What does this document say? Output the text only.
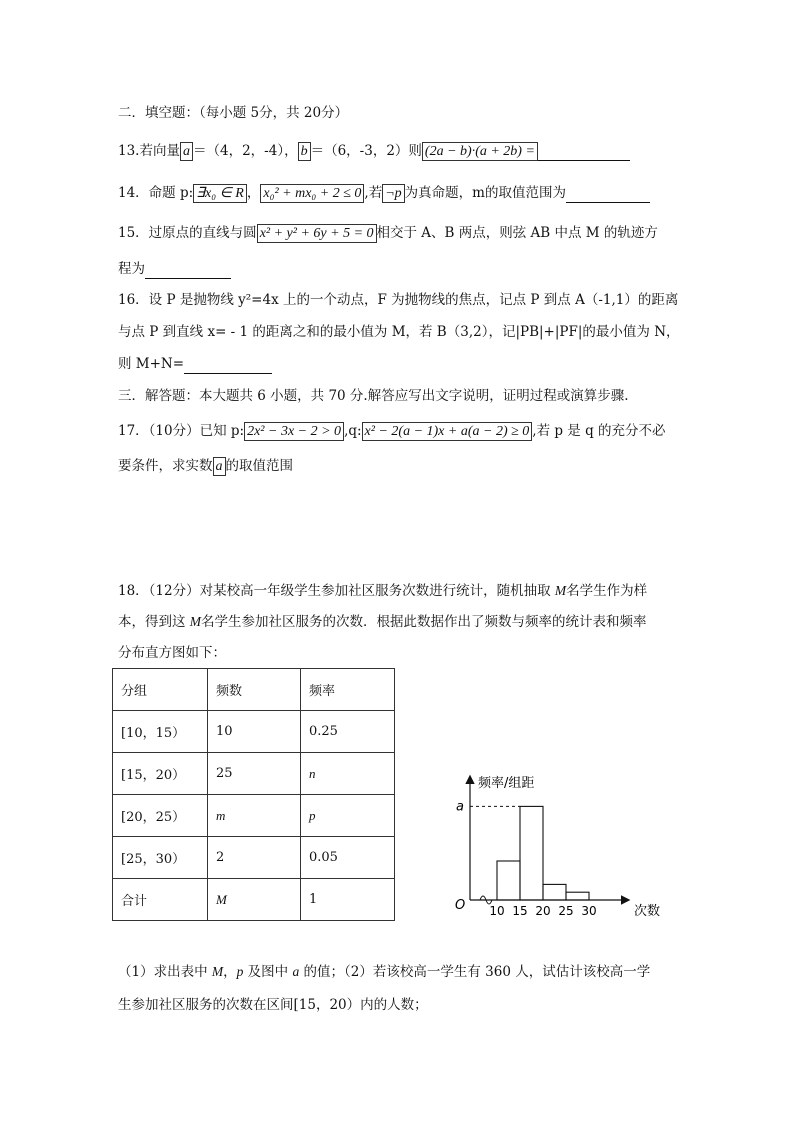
二．填空题：（每小题 5分，共 20分）
13.若向量 a ＝（4，2，-4）， b ＝（6，-3，2）则 (2a − b)·(a + 2b) =
14．命题 p: ∃x₀ ∈ R ， x₀² + mx₀ + 2 ≤ 0 ,若 ¬p 为真命题，m的取值范围为
15．过原点的直线与圆 x² + y² + 6y + 5 = 0 相交于 A、B 两点，则弦 AB 中点 M 的轨迹方
程为
16．设 P 是抛物线 y²=4x 上的一个动点，F 为抛物线的焦点，记点 P 到点 A（-1,1）的距离
与点 P 到直线 x= - 1 的距离之和的最小值为 M，若 B（3,2），记|PB|+|PF|的最小值为 N，
则 M+N=
三．解答题：本大题共 6 小题，共 70 分.解答应写出文字说明，证明过程或演算步骤.
17．（10分）已知 p: 2x² − 3x − 2 > 0 ,q: x² − 2(a − 1)x + a(a − 2) ≥ 0 ,若 p 是 q 的充分不必
要条件，求实数 a 的取值范围
18．（12分）对某校高一年级学生参加社区服务次数进行统计，随机抽取 M名学生作为样
本，得到这 M名学生参加社区服务的次数．根据此数据作出了频数与频率的统计表和频率
分布直方图如下：
分组	频数	频率
[10，15）	10	0.25
[15，20）	25	n
[20，25）	m	p
[25，30）	2	0.05
合计	M	1
频率/组距
次数
O
a
10 15 20 25 30
（1）求出表中 M，p 及图中 a 的值；（2）若该校高一学生有 360 人，试估计该校高一学
生参加社区服务的次数在区间[15，20）内的人数；
